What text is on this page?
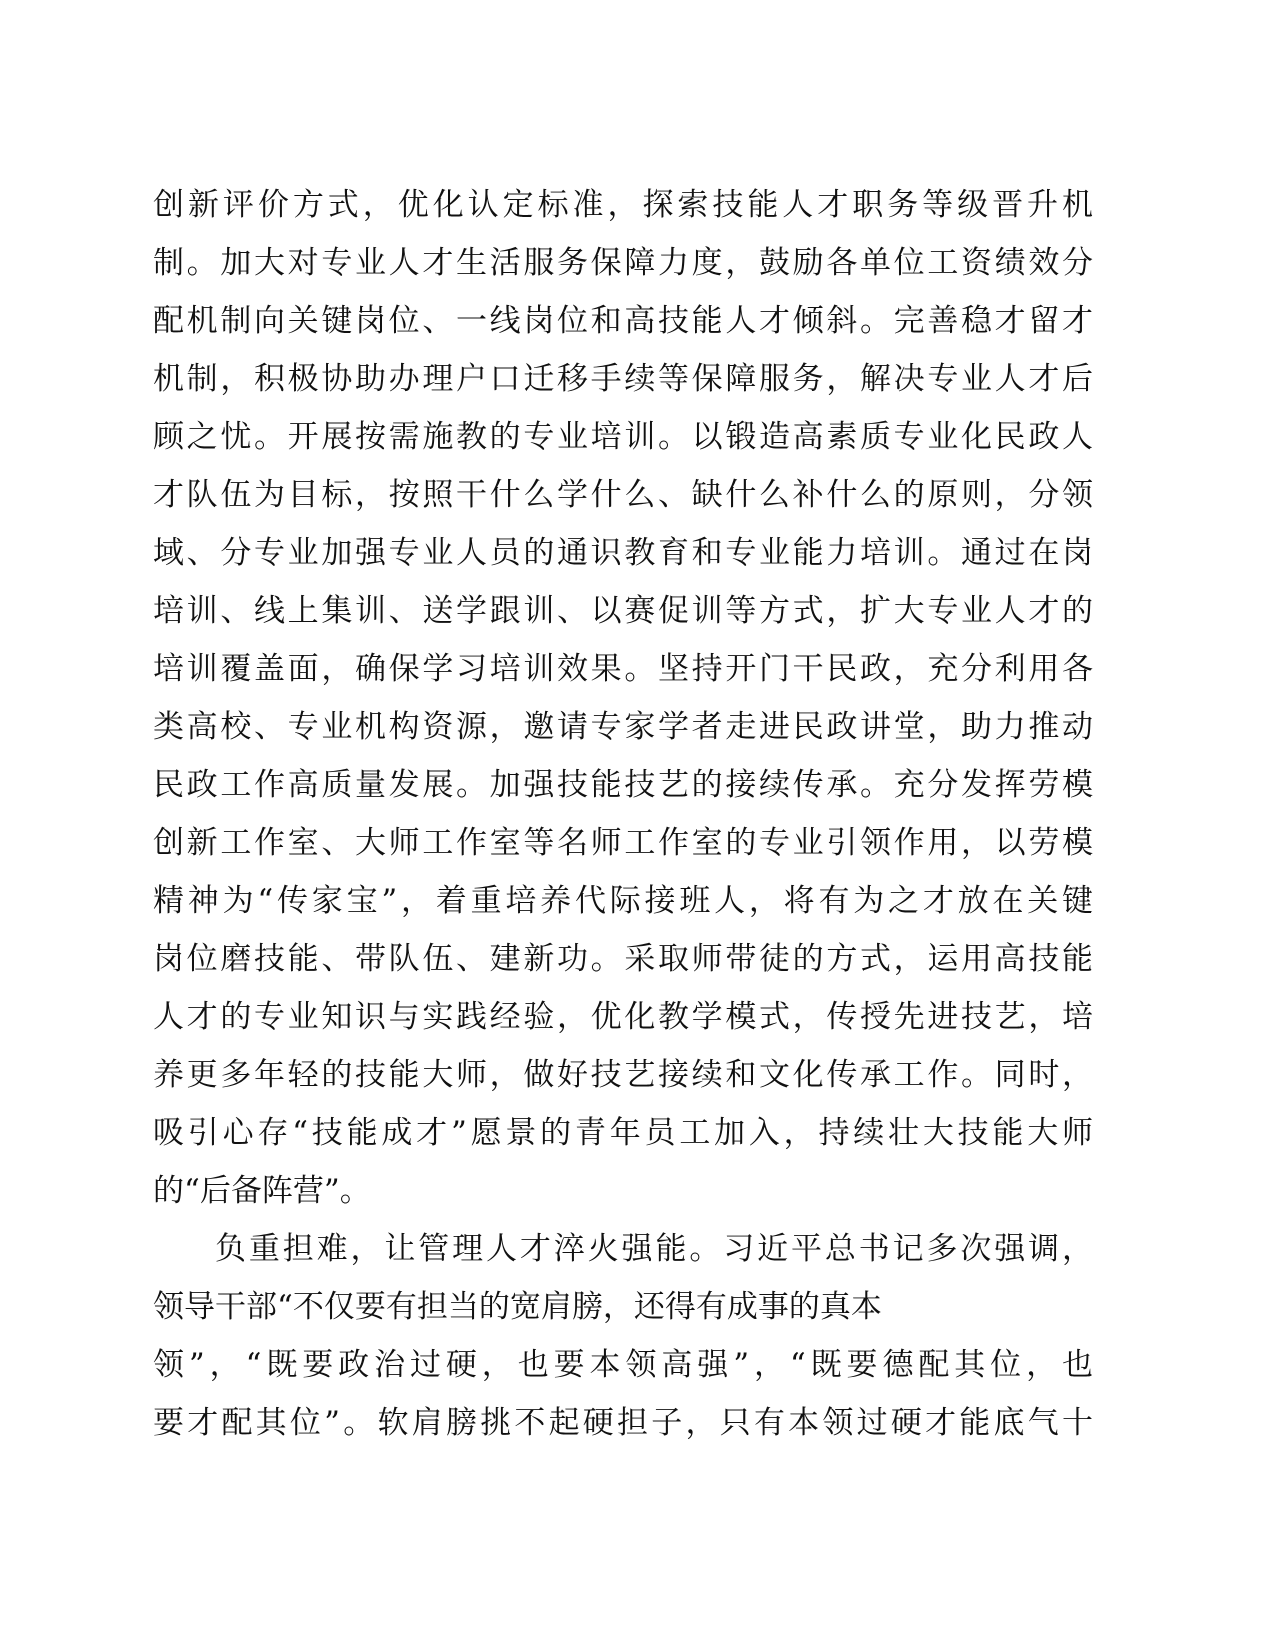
创新评价方式，优化认定标准，探索技能人才职务等级晋升机
制。加大对专业人才生活服务保障力度，鼓励各单位工资绩效分
配机制向关键岗位、一线岗位和高技能人才倾斜。完善稳才留才
机制，积极协助办理户口迁移手续等保障服务，解决专业人才后
顾之忧。开展按需施教的专业培训。以锻造高素质专业化民政人
才队伍为目标，按照干什么学什么、缺什么补什么的原则，分领
域、分专业加强专业人员的通识教育和专业能力培训。通过在岗
培训、线上集训、送学跟训、以赛促训等方式，扩大专业人才的
培训覆盖面，确保学习培训效果。坚持开门干民政，充分利用各
类高校、专业机构资源，邀请专家学者走进民政讲堂，助力推动
民政工作高质量发展。加强技能技艺的接续传承。充分发挥劳模
创新工作室、大师工作室等名师工作室的专业引领作用，以劳模
精神为“传家宝”，着重培养代际接班人，将有为之才放在关键
岗位磨技能、带队伍、建新功。采取师带徒的方式，运用高技能
人才的专业知识与实践经验，优化教学模式，传授先进技艺，培
养更多年轻的技能大师，做好技艺接续和文化传承工作。同时，
吸引心存“技能成才”愿景的青年员工加入，持续壮大技能大师
的“后备阵营”。
负重担难，让管理人才淬火强能。习近平总书记多次强调，
领导干部“不仅要有担当的宽肩膀，还得有成事的真本
领”，“既要政治过硬，也要本领高强”，“既要德配其位，也
要才配其位”。软肩膀挑不起硬担子，只有本领过硬才能底气十
